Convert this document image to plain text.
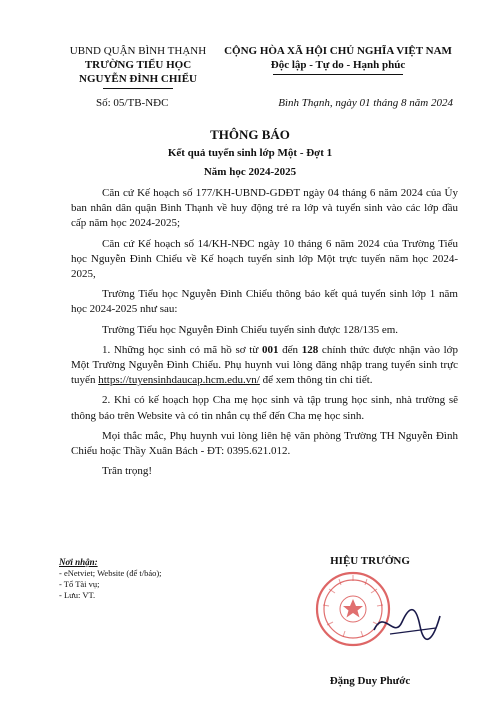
UBND QUẬN BÌNH THẠNH
TRƯỜNG TIỂU HỌC
NGUYỄN ĐÌNH CHIỂU
CỘNG HÒA XÃ HỘI CHỦ NGHĨA VIỆT NAM
Độc lập - Tự do - Hạnh phúc
Số: 05/TB-NĐC	Bình Thạnh, ngày 01 tháng 8 năm 2024
THÔNG BÁO
Kết quả tuyển sinh lớp Một - Đợt 1
Năm học 2024-2025

Căn cứ Kế hoạch số 177/KH-UBND-GDĐT ngày 04 tháng 6 năm 2024 của Ủy ban nhân dân quận Bình Thạnh về huy động trẻ ra lớp và tuyển sinh vào các lớp đầu cấp năm học 2024-2025;

Căn cứ Kế hoạch số 14/KH-NĐC ngày 10 tháng 6 năm 2024 của Trường Tiểu học Nguyễn Đình Chiểu về Kế hoạch tuyển sinh lớp Một trực tuyến năm học 2024-2025,

Trường Tiểu học Nguyễn Đình Chiểu thông báo kết quả tuyển sinh lớp 1 năm học 2024-2025 như sau:

Trường Tiểu học Nguyễn Đình Chiểu tuyển sinh được 128/135 em.

1. Những học sinh có mã hồ sơ từ 001 đến 128 chính thức được nhận vào lớp Một Trường Nguyễn Đình Chiểu. Phụ huynh vui lòng đăng nhập trang tuyển sinh trực tuyến https://tuyensinhdaucap.hcm.edu.vn/ để xem thông tin chi tiết.

2. Khi có kế hoạch họp Cha mẹ học sinh và tập trung học sinh, nhà trường sẽ thông báo trên Website và có tin nhắn cụ thể đến Cha mẹ học sinh.

Mọi thắc mắc, Phụ huynh vui lòng liên hệ văn phòng Trường TH Nguyễn Đình Chiểu hoặc Thầy Xuân Bách - ĐT: 0395.621.012.

Trân trọng!

Nơi nhận:
- eNetviet; Website (để t/báo);
- Tổ Tài vụ;
- Lưu: VT.
HIỆU TRƯỞNG
Đặng Duy Phước
